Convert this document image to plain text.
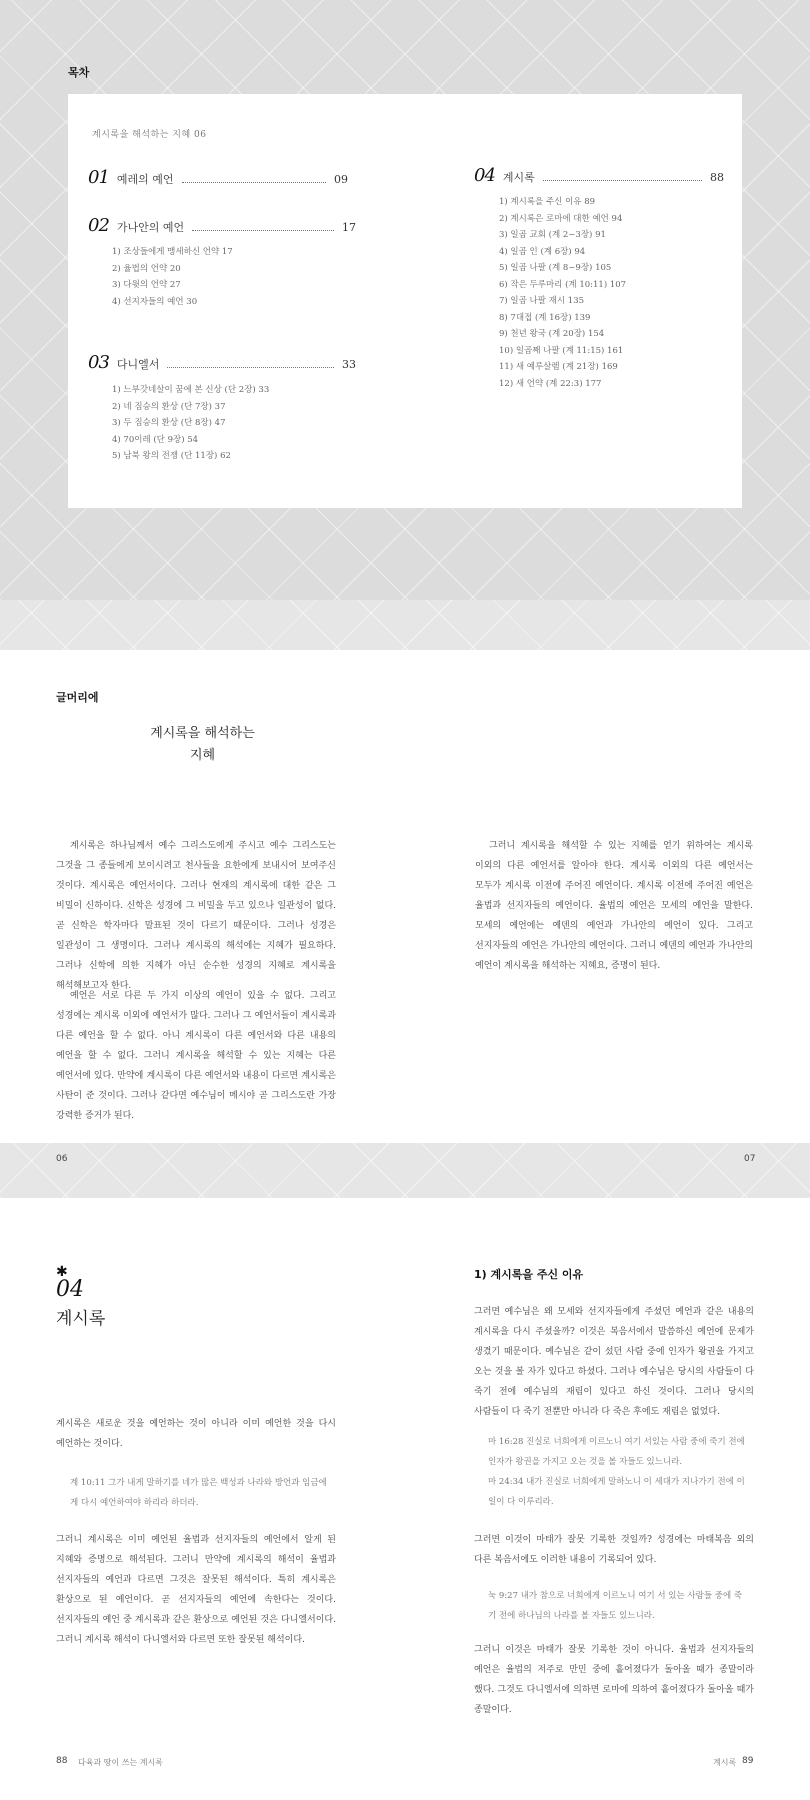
목차
계시록을 해석하는 지혜 06
01 예레의 예언	09
02 가나안의 예언	17
1) 조상들에게 맹세하신 언약 17
2) 율법의 언약 20
3) 다윗의 언약 27
4) 선지자들의 예언 30
03 다니엘서	33
1) 느부갓네살이 꿈에 본 신상 (단 2장) 33
2) 네 짐승의 환상 (단 7장) 37
3) 두 짐승의 환상 (단 8장) 47
4) 70이레 (단 9장) 54
5) 남북 왕의 전쟁 (단 11장) 62
04 계시록	88
1) 계시록을 주신 이유 89
2) 계시록은 로마에 대한 예언 94
3) 일곱 교회 (계 2~3장) 91
4) 일곱 인 (계 6장) 94
5) 일곱 나팔 (계 8~9장) 105
6) 작은 두루마리 (계 10:11) 107
7) 일곱 나팔 재시 135
8) 7대접 (계 16장) 139
9) 천년 왕국 (계 20장) 154
10) 일곱째 나팔 (계 11:15) 161
11) 새 예루살렘 (계 21장) 169
12) 새 언약 (계 22:3) 177
글머리에
계시록을 해석하는
지혜

계시록은 하나님께서 예수 그리스도에게 주시고 예수 그리스도는 그것을 그 종들에게 보이시려고 천사들을 요한에게 보내시어 보여주신 것이다. 계시록은 예언서이다. 그러나 현재의 계시록에 대한 같은 그 비밀이 신하이다. 신학은 성경에 그 비밀을 두고 있으나 일관성이 없다. 곧 신학은 학자마다 말표된 것이 다르기 때문이다. 그러나 성경은 일관성이 그 생명이다. 그러나 계시록의 해석에는 지혜가 필요하다. 그러나 신학에 의한 지혜가 아닌 순수한 성경의 지혜로 계시록을 해석해보고자 한다.

예언은 서로 다른 두 가지 이상의 예언이 있을 수 없다. 그리고 성경에는 계시록 이외에 예언서가 많다. 그러나 그 예언서들이 계시록과 다른 예언을 할 수 없다. 아니 계시록이 다른 예언서와 다른 내용의 예언을 할 수 없다. 그러니 계시록을 해석할 수 있는 지혜는 다른 예언서에 있다. 만약에 계시록이 다른 예언서와 내용이 다르면 계시록은 사탄이 준 것이다. 그러나 같다면 예수님이 메시야 곧 그리스도란 가장 강력한 증거가 된다.

그러니 계시록을 해석할 수 있는 지혜를 얻기 위하여는 계시록 이외의 다른 예언서를 알아야 한다. 계시록 이외의 다른 예언서는 모두가 계시록 이전에 주어진 예언이다. 계시록 이전에 주어진 예언은 율법과 선지자들의 예언이다. 율법의 예언은 모세의 예언을 말한다. 모세의 예언에는 예덴의 예언과 가나안의 예언이 있다. 그리고 선지자들의 예언은 가나안의 예언이다. 그러니 예덴의 예언과 가나안의 예언이 계시록을 해석하는 지혜요, 증명이 된다.

06	07
✱
04
계시록

계시록은 새로운 것을 예언하는 것이 아니라 이미 예언한 것을 다시 예언하는 것이다.

계 10:11 그가 내게 말하기를 네가 많은 백성과 나라와 방언과 임금에게 다시 예언하여야 하리라 하더라.

그러니 계시록은 이미 예언된 율법과 선지자들의 예언에서 알게 된 지혜와 증명으로 해석된다. 그러니 만약에 계시록의 해석이 율법과 선지자들의 예언과 다르면 그것은 잘못된 해석이다. 특히 계시록은 환상으로 된 예언이다. 곧 선지자들의 예언에 속한다는 것이다. 선지자들의 예언 중 계시록과 같은 환상으로 예언된 것은 다니엘서이다. 그러니 계시록 해석이 다니엘서와 다르면 또한 잘못된 해석이다.

1) 계시록을 주신 이유

그러면 예수님은 왜 모세와 선지자들에게 주셨던 예언과 같은 내용의 계시록을 다시 주셨을까? 이것은 복음서에서 말씀하신 예언에 문제가 생겼기 때문이다. 예수님은 같이 섰던 사람 중에 인자가 왕권을 가지고 오는 것을 볼 자가 있다고 하셨다. 그러나 예수님은 당시의 사람들이 다 죽기 전에 예수님의 재림이 있다고 하신 것이다. 그러나 당시의 사람들이 다 죽기 전뿐만 아니라 다 죽은 후에도 재림은 없었다.

마 16:28 진실로 너희에게 이르노니 여기 서있는 사람 중에 죽기 전에 인자가 왕권을 가지고 오는 것을 볼 자들도 있느니라.
마 24:34 내가 진실로 너희에게 말하노니 이 세대가 지나가기 전에 이 일이 다 이루리라.

그러면 이것이 마태가 잘못 기록한 것일까? 성경에는 마태복음 외의 다른 복음서에도 이러한 내용이 기록되어 있다.

눅 9:27 내가 참으로 너희에게 이르노니 여기 서 있는 사람들 중에 죽기 전에 하나님의 나라를 볼 자들도 있느니라.

그러니 이것은 마태가 잘못 기록한 것이 아니다. 율법과 선지자들의 예언은 율법의 저주로 만민 중에 흩어졌다가 돌아올 때가 종말이라 했다. 그것도 다니엘서에 의하면 로마에 의하여 흩어졌다가 돌아올 때가 종말이다.

88 다육과 땅이 쓰는 계시록	계시록 89
